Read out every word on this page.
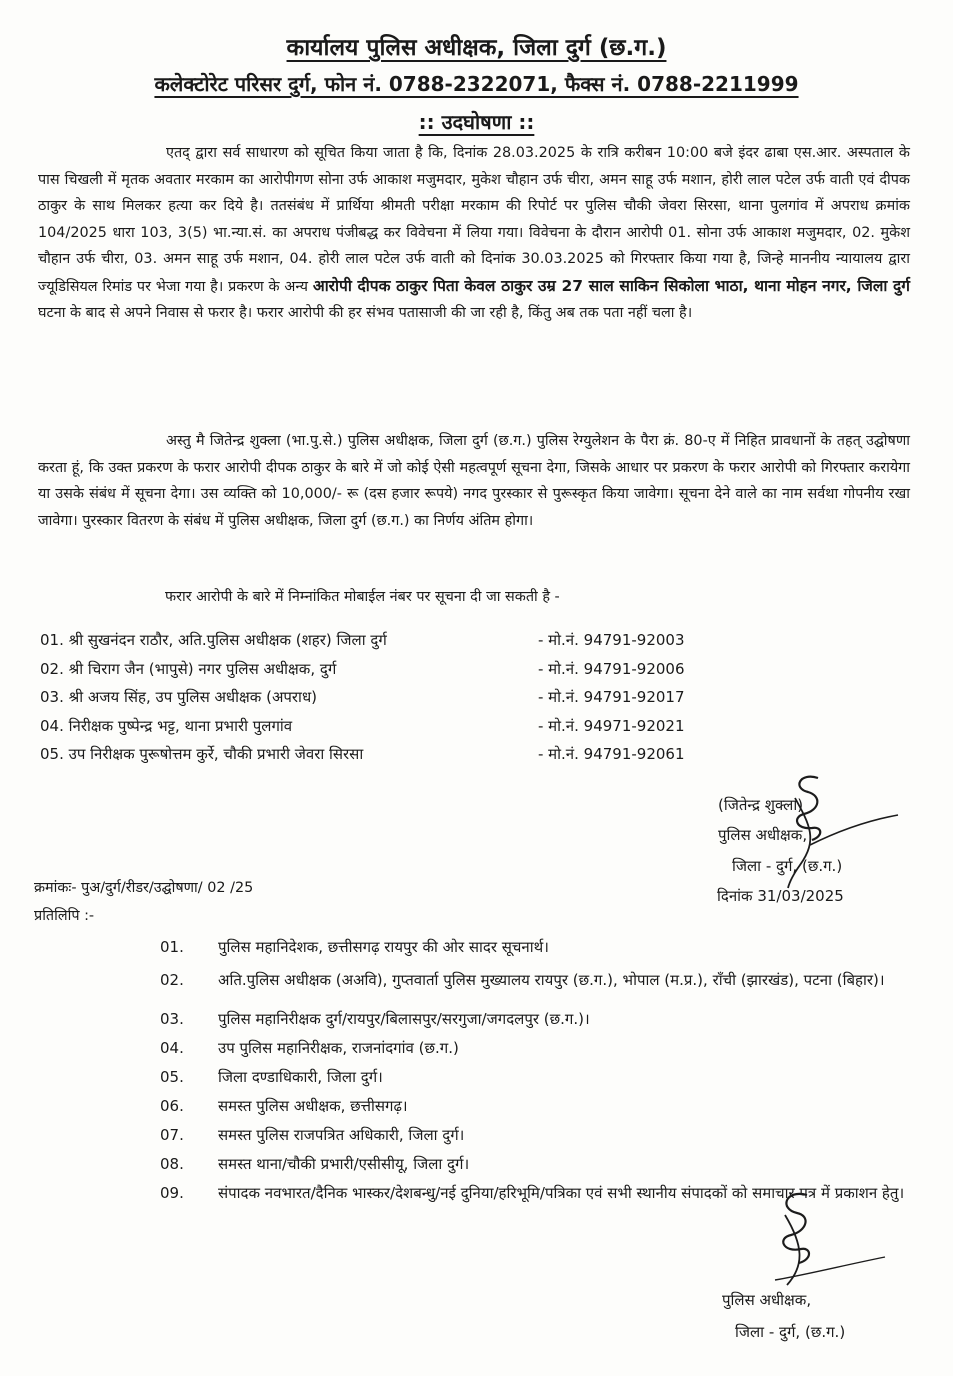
कार्यालय पुलिस अधीक्षक, जिला दुर्ग (छ.ग.)
कलेक्टोरेट परिसर दुर्ग, फोन नं. 0788-2322071, फैक्स नं. 0788-2211999
:: उदघोषणा ::

एतद् द्वारा सर्व साधारण को सूचित किया जाता है कि, दिनांक 28.03.2025 के रात्रि करीबन 10:00 बजे इंदर ढाबा एस.आर. अस्पताल के पास चिखली में मृतक अवतार मरकाम का आरोपीगण सोना उर्फ आकाश मजुमदार, मुकेश चौहान उर्फ चीरा, अमन साहू उर्फ मशान, होरी लाल पटेल उर्फ वाती एवं दीपक ठाकुर के साथ मिलकर हत्या कर दिये है। ततसंबंध में प्रार्थिया श्रीमती परीक्षा मरकाम की रिपोर्ट पर पुलिस चौकी जेवरा सिरसा, थाना पुलगांव में अपराध क्रमांक 104/2025 धारा 103, 3(5) भा.न्या.सं. का अपराध पंजीबद्ध कर विवेचना में लिया गया। विवेचना के दौरान आरोपी 01. सोना उर्फ आकाश मजुमदार, 02. मुकेश चौहान उर्फ चीरा, 03. अमन साहू उर्फ मशान, 04. होरी लाल पटेल उर्फ वाती को दिनांक 30.03.2025 को गिरफ्तार किया गया है, जिन्हे माननीय न्यायालय द्वारा ज्यूडिसियल रिमांड पर भेजा गया है। प्रकरण के अन्य आरोपी दीपक ठाकुर पिता केवल ठाकुर उम्र 27 साल साकिन सिकोला भाठा, थाना मोहन नगर, जिला दुर्ग घटना के बाद से अपने निवास से फरार है। फरार आरोपी की हर संभव पतासाजी की जा रही है, किंतु अब तक पता नहीं चला है।

अस्तु मै जितेन्द्र शुक्ला (भा.पु.से.) पुलिस अधीक्षक, जिला दुर्ग (छ.ग.) पुलिस रेग्युलेशन के पैरा क्रं. 80-ए में निहित प्रावधानों के तहत् उद्घोषणा करता हूं, कि उक्त प्रकरण के फरार आरोपी दीपक ठाकुर के बारे में जो कोई ऐसी महत्वपूर्ण सूचना देगा, जिसके आधार पर प्रकरण के फरार आरोपी को गिरफ्तार करायेगा या उसके संबंध में सूचना देगा। उस व्यक्ति को 10,000/- रू (दस हजार रूपये) नगद पुरस्कार से पुरूस्कृत किया जावेगा। सूचना देने वाले का नाम सर्वथा गोपनीय रखा जावेगा। पुरस्कार वितरण के संबंध में पुलिस अधीक्षक, जिला दुर्ग (छ.ग.) का निर्णय अंतिम होगा।

फरार आरोपी के बारे में निम्नांकित मोबाईल नंबर पर सूचना दी जा सकती है -
01. श्री सुखनंदन राठौर, अति.पुलिस अधीक्षक (शहर) जिला दुर्ग	- मो.नं. 94791-92003
02. श्री चिराग जैन (भापुसे) नगर पुलिस अधीक्षक, दुर्ग	- मो.नं. 94791-92006
03. श्री अजय सिंह, उप पुलिस अधीक्षक (अपराध)	- मो.नं. 94791-92017
04. निरीक्षक पुष्पेन्द्र भट्ट, थाना प्रभारी पुलगांव	- मो.नं. 94971-92021
05. उप निरीक्षक पुरूषोत्तम कुर्रे, चौकी प्रभारी जेवरा सिरसा	- मो.नं. 94791-92061
(जितेन्द्र शुक्ला)
पुलिस अधीक्षक,
जिला - दुर्ग, (छ.ग.)
दिनांक 31/03/2025
क्रमांकः- पुअ/दुर्ग/रीडर/उद्घोषणा/ 02 /25
प्रतिलिपि :-
01. पुलिस महानिदेशक, छत्तीसगढ़ रायपुर की ओर सादर सूचनार्थ।
02. अति.पुलिस अधीक्षक (अअवि), गुप्तवार्ता पुलिस मुख्यालय रायपुर (छ.ग.), भोपाल (म.प्र.), रॉंची (झारखंड), पटना (बिहार)।
03. पुलिस महानिरीक्षक दुर्ग/रायपुर/बिलासपुर/सरगुजा/जगदलपुर (छ.ग.)।
04. उप पुलिस महानिरीक्षक, राजनांदगांव (छ.ग.)
05. जिला दण्डाधिकारी, जिला दुर्ग।
06. समस्त पुलिस अधीक्षक, छत्तीसगढ़।
07. समस्त पुलिस राजपत्रित अधिकारी, जिला दुर्ग।
08. समस्त थाना/चौकी प्रभारी/एसीसीयू, जिला दुर्ग।
09. संपादक नवभारत/दैनिक भास्कर/देशबन्धु/नई दुनिया/हरिभूमि/पत्रिका एवं सभी स्थानीय संपादकों को समाचार पत्र में प्रकाशन हेतु।
पुलिस अधीक्षक,
जिला - दुर्ग, (छ.ग.)
